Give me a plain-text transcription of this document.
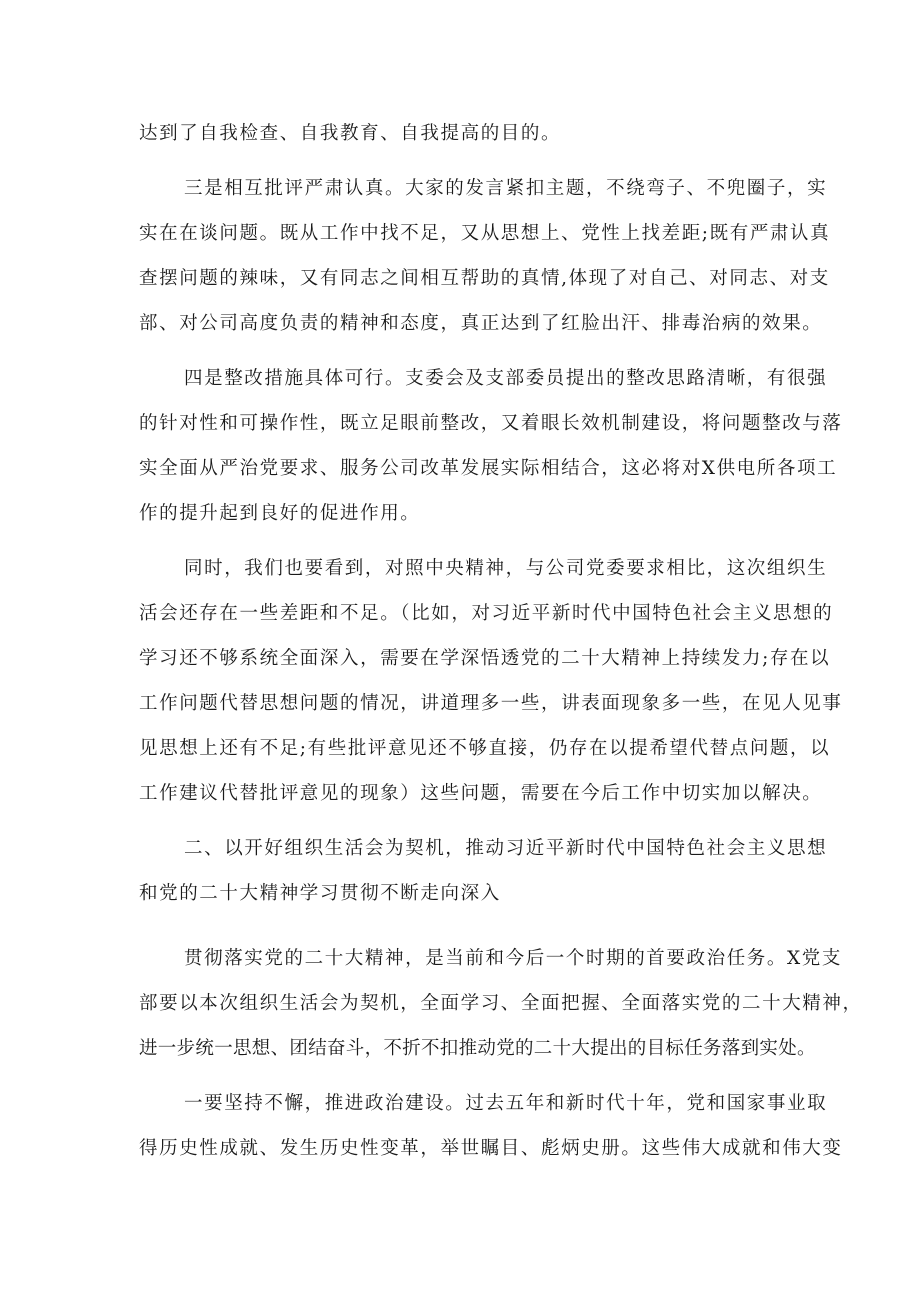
达到了自我检查、自我教育、自我提高的目的。
三是相互批评严肃认真。大家的发言紧扣主题，不绕弯子、不兜圈子，实
实在在谈问题。既从工作中找不足，又从思想上、党性上找差距;既有严肃认真
查摆问题的辣味，又有同志之间相互帮助的真情,体现了对自己、对同志、对支
部、对公司高度负责的精神和态度，真正达到了红脸出汗、排毒治病的效果。
四是整改措施具体可行。支委会及支部委员提出的整改思路清晰，有很强
的针对性和可操作性，既立足眼前整改，又着眼长效机制建设，将问题整改与落
实全面从严治党要求、服务公司改革发展实际相结合，这必将对X供电所各项工
作的提升起到良好的促进作用。
同时，我们也要看到，对照中央精神，与公司党委要求相比，这次组织生
活会还存在一些差距和不足。（比如，对习近平新时代中国特色社会主义思想的
学习还不够系统全面深入，需要在学深悟透党的二十大精神上持续发力;存在以
工作问题代替思想问题的情况，讲道理多一些，讲表面现象多一些，在见人见事
见思想上还有不足;有些批评意见还不够直接，仍存在以提希望代替点问题，以
工作建议代替批评意见的现象）这些问题，需要在今后工作中切实加以解决。
二、以开好组织生活会为契机，推动习近平新时代中国特色社会主义思想
和党的二十大精神学习贯彻不断走向深入
贯彻落实党的二十大精神，是当前和今后一个时期的首要政治任务。X党支
部要以本次组织生活会为契机，全面学习、全面把握、全面落实党的二十大精神，
进一步统一思想、团结奋斗，不折不扣推动党的二十大提出的目标任务落到实处。
一要坚持不懈，推进政治建设。过去五年和新时代十年，党和国家事业取
得历史性成就、发生历史性变革，举世瞩目、彪炳史册。这些伟大成就和伟大变
